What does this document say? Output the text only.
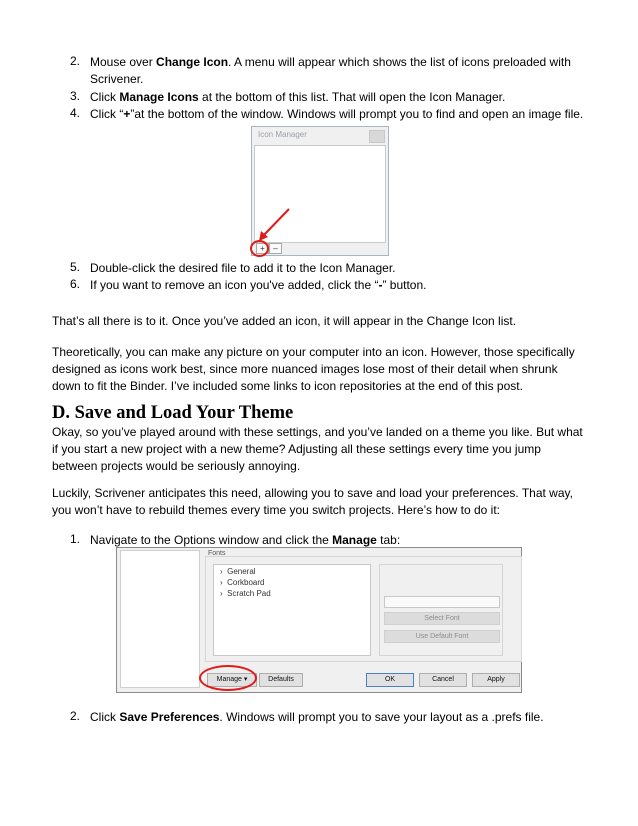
2. Mouse over Change Icon. A menu will appear which shows the list of icons preloaded with Scrivener.
3. Click Manage Icons at the bottom of this list. That will open the Icon Manager.
4. Click “+”at the bottom of the window. Windows will prompt you to find and open an image file.
Icon Manager
+	–
5. Double-click the desired file to add it to the Icon Manager.
6. If you want to remove an icon you've added, click the “-” button.

That’s all there is to it. Once you’ve added an icon, it will appear in the Change Icon list.

Theoretically, you can make any picture on your computer into an icon. However, those specifically designed as icons work best, since more nuanced images lose most of their detail when shrunk down to fit the Binder. I’ve included some links to icon repositories at the end of this post.

D. Save and Load Your Theme

Okay, so you’ve played around with these settings, and you’ve landed on a theme you like. But what if you start a new project with a new theme? Adjusting all these settings every time you jump between projects would be seriously annoying.

Luckily, Scrivener anticipates this need, allowing you to save and load your preferences. That way, you won’t have to rebuild themes every time you switch projects. Here’s how to do it:

1. Navigate to the Options window and click the Manage tab:
Fonts
›  General
›  Corkboard
›  Scratch Pad
Select Font
Use Default Font
Manage ▾	Defaults	OK	Cancel	Apply
2. Click Save Preferences. Windows will prompt you to save your layout as a .prefs file.
